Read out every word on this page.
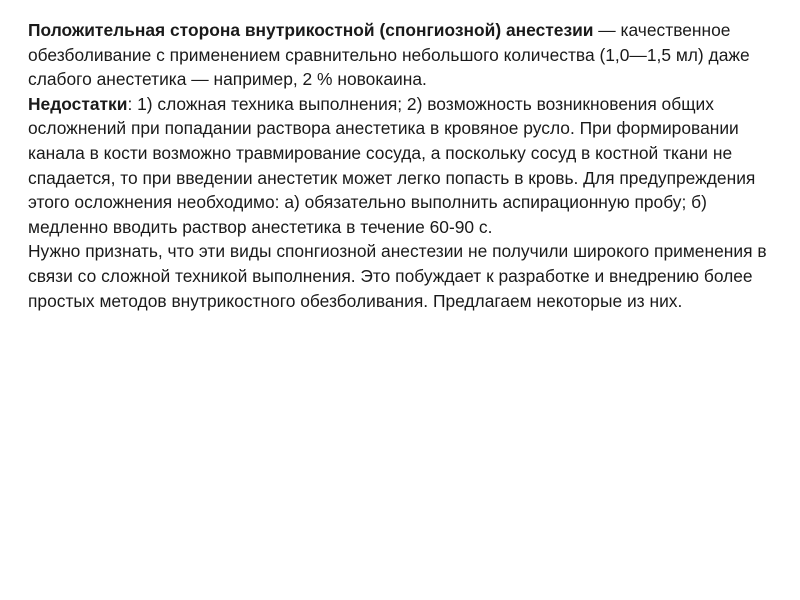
Положительная сторона внутрикостной (спонгиозной) анестезии — качественное обезболивание с применением сравнительно небольшого количества (1,0—1,5 мл) даже слабого анестетика — например, 2 % новокаина.

Недостатки: 1) сложная техника выполнения; 2) возможность возникновения общих осложнений при попадании раствора анестетика в кровяное русло. При формировании канала в кости возможно травмирование сосуда, а поскольку сосуд в костной ткани не спадается, то при введении анестетик может легко попасть в кровь. Для предупреждения этого осложнения необходимо: а) обязательно выполнить аспирационную пробу; б) медленно вводить раствор анестетика в течение 60-90 с.

Нужно признать, что эти виды спонгиозной анестезии не получили широкого применения в связи со сложной техникой выполнения. Это побуждает к разработке и внедрению более простых методов внутрикостного обезболивания. Предлагаем некоторые из них.
